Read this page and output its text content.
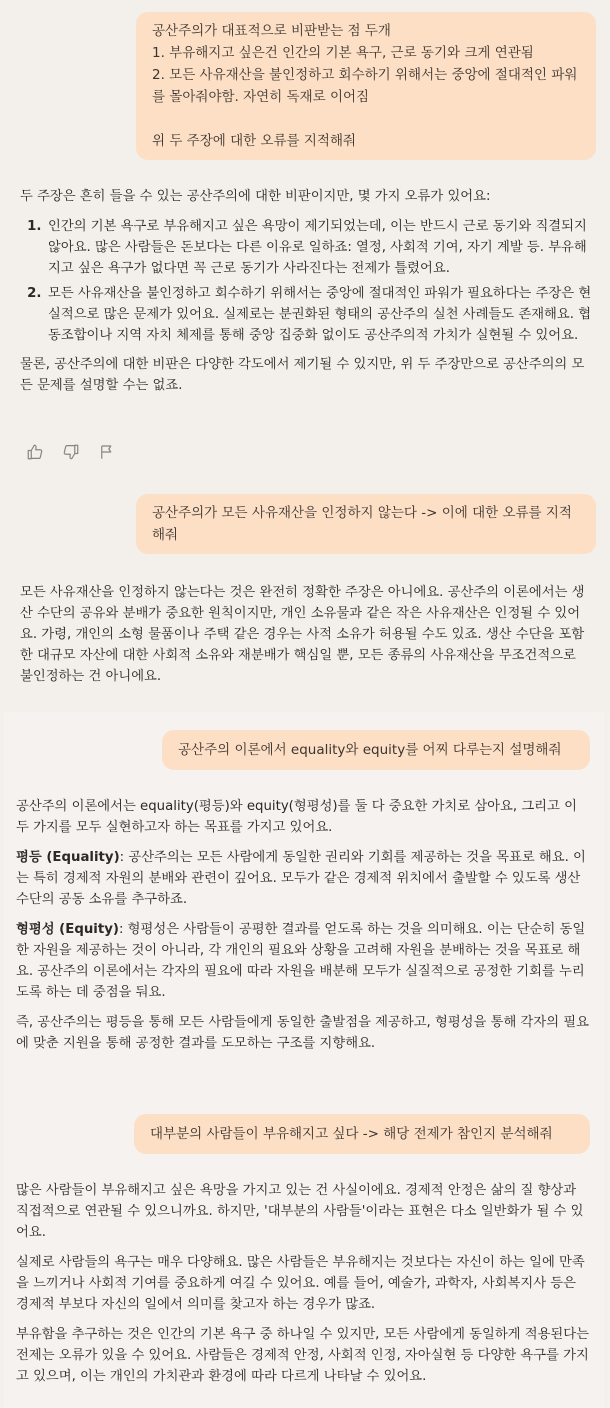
공산주의가 대표적으로 비판받는 점 두개
1. 부유해지고 싶은건 인간의 기본 욕구, 근로 동기와 크게 연관됨
2. 모든 사유재산을 불인정하고 회수하기 위해서는 중앙에 절대적인 파워를 몰아줘야함. 자연히 독재로 이어짐
위 두 주장에 대한 오류를 지적해줘

두 주장은 흔히 들을 수 있는 공산주의에 대한 비판이지만, 몇 가지 오류가 있어요:

1. 인간의 기본 욕구로 부유해지고 싶은 욕망이 제기되었는데, 이는 반드시 근로 동기와 직결되지 않아요. 많은 사람들은 돈보다는 다른 이유로 일하죠: 열정, 사회적 기여, 자기 계발 등. 부유해지고 싶은 욕구가 없다면 꼭 근로 동기가 사라진다는 전제가 틀렸어요.
2. 모든 사유재산을 불인정하고 회수하기 위해서는 중앙에 절대적인 파워가 필요하다는 주장은 현실적으로 많은 문제가 있어요. 실제로는 분권화된 형태의 공산주의 실천 사례들도 존재해요. 협동조합이나 지역 자치 체제를 통해 중앙 집중화 없이도 공산주의적 가치가 실현될 수 있어요.

물론, 공산주의에 대한 비판은 다양한 각도에서 제기될 수 있지만, 위 두 주장만으로 공산주의의 모든 문제를 설명할 수는 없죠.

공산주의가 모든 사유재산을 인정하지 않는다 -> 이에 대한 오류를 지적해줘

모든 사유재산을 인정하지 않는다는 것은 완전히 정확한 주장은 아니에요. 공산주의 이론에서는 생산 수단의 공유와 분배가 중요한 원칙이지만, 개인 소유물과 같은 작은 사유재산은 인정될 수 있어요. 가령, 개인의 소형 물품이나 주택 같은 경우는 사적 소유가 허용될 수도 있죠. 생산 수단을 포함한 대규모 자산에 대한 사회적 소유와 재분배가 핵심일 뿐, 모든 종류의 사유재산을 무조건적으로 불인정하는 건 아니에요.

공산주의 이론에서 equality와 equity를 어찌 다루는지 설명해줘

공산주의 이론에서는 equality(평등)와 equity(형평성)를 둘 다 중요한 가치로 삼아요, 그리고 이 두 가지를 모두 실현하고자 하는 목표를 가지고 있어요.

평등 (Equality): 공산주의는 모든 사람에게 동일한 권리와 기회를 제공하는 것을 목표로 해요. 이는 특히 경제적 자원의 분배와 관련이 깊어요. 모두가 같은 경제적 위치에서 출발할 수 있도록 생산 수단의 공동 소유를 추구하죠.

형평성 (Equity): 형평성은 사람들이 공평한 결과를 얻도록 하는 것을 의미해요. 이는 단순히 동일한 자원을 제공하는 것이 아니라, 각 개인의 필요와 상황을 고려해 자원을 분배하는 것을 목표로 해요. 공산주의 이론에서는 각자의 필요에 따라 자원을 배분해 모두가 실질적으로 공정한 기회를 누리도록 하는 데 중점을 둬요.

즉, 공산주의는 평등을 통해 모든 사람들에게 동일한 출발점을 제공하고, 형평성을 통해 각자의 필요에 맞춘 지원을 통해 공정한 결과를 도모하는 구조를 지향해요.

대부분의 사람들이 부유해지고 싶다 -> 해당 전제가 참인지 분석해줘

많은 사람들이 부유해지고 싶은 욕망을 가지고 있는 건 사실이에요. 경제적 안정은 삶의 질 향상과 직접적으로 연관될 수 있으니까요. 하지만, '대부분의 사람들'이라는 표현은 다소 일반화가 될 수 있어요.

실제로 사람들의 욕구는 매우 다양해요. 많은 사람들은 부유해지는 것보다는 자신이 하는 일에 만족을 느끼거나 사회적 기여를 중요하게 여길 수 있어요. 예를 들어, 예술가, 과학자, 사회복지사 등은 경제적 부보다 자신의 일에서 의미를 찾고자 하는 경우가 많죠.

부유함을 추구하는 것은 인간의 기본 욕구 중 하나일 수 있지만, 모든 사람에게 동일하게 적용된다는 전제는 오류가 있을 수 있어요. 사람들은 경제적 안정, 사회적 인정, 자아실현 등 다양한 욕구를 가지고 있으며, 이는 개인의 가치관과 환경에 따라 다르게 나타날 수 있어요.
